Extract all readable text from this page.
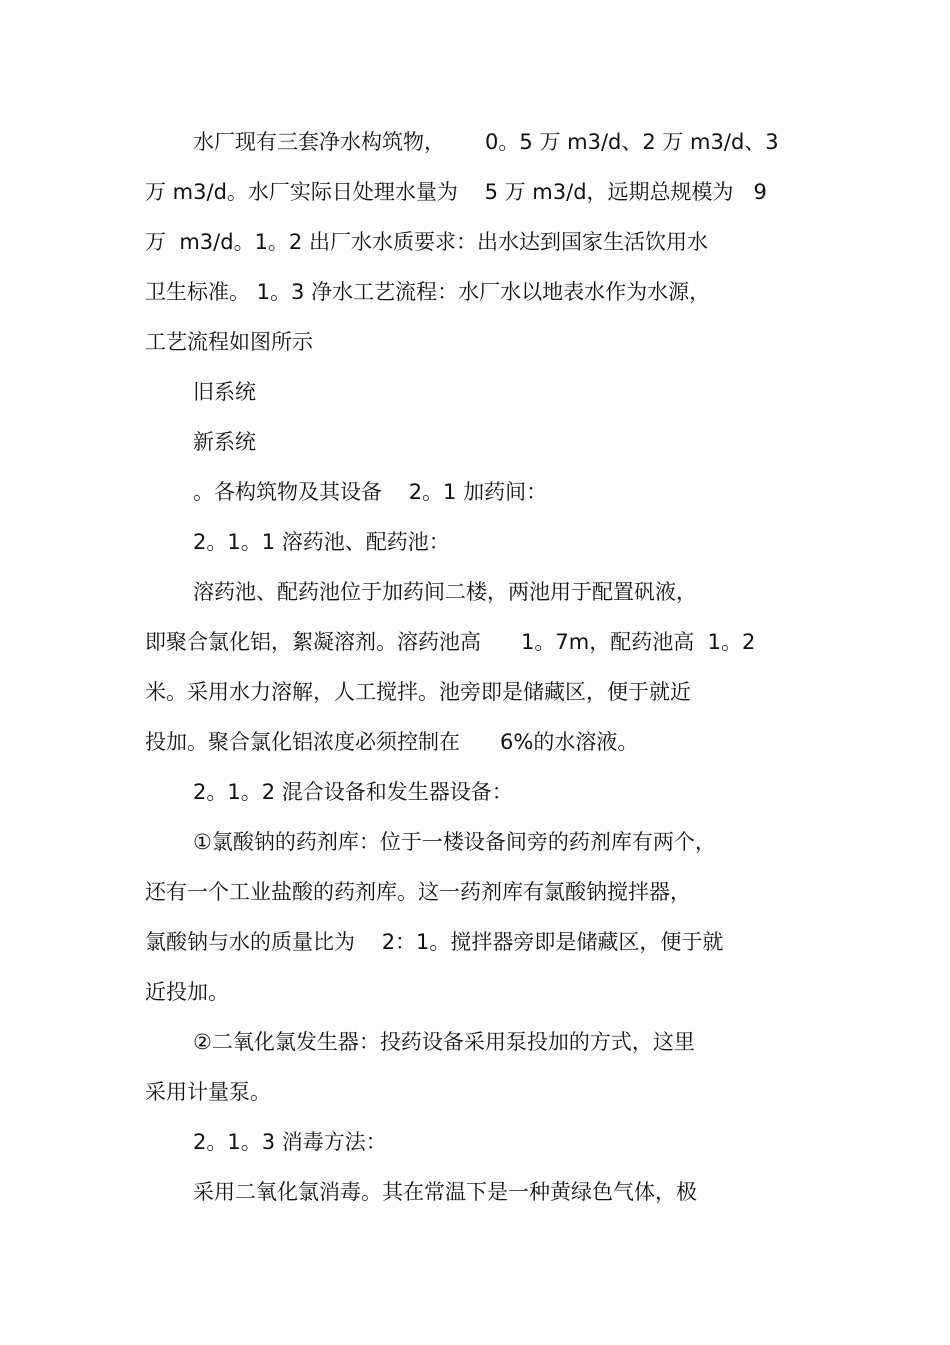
水厂现有三套净水构筑物，      0。5 万 m3/d、2 万 m3/d、3

万 m3/d。水厂实际日处理水量为    5 万 m3/d，远期总规模为   9

万  m3/d。1。2 出厂水水质要求：出水达到国家生活饮用水

卫生标准。 1。3 净水工艺流程：水厂水以地表水作为水源，

工艺流程如图所示

旧系统

新系统

。各构筑物及其设备    2。1 加药间：

2。1。1 溶药池、配药池：

溶药池、配药池位于加药间二楼，两池用于配置矾液，

即聚合氯化铝，絮凝溶剂。溶药池高      1。7m，配药池高  1。2

米。采用水力溶解，人工搅拌。池旁即是储藏区，便于就近

投加。聚合氯化铝浓度必须控制在      6%的水溶液。

2。1。2 混合设备和发生器设备：

①氯酸钠的药剂库：位于一楼设备间旁的药剂库有两个，

还有一个工业盐酸的药剂库。这一药剂库有氯酸钠搅拌器，

氯酸钠与水的质量比为    2：1。搅拌器旁即是储藏区，便于就

近投加。

②二氧化氯发生器：投药设备采用泵投加的方式，这里

采用计量泵。

2。1。3 消毒方法：

采用二氧化氯消毒。其在常温下是一种黄绿色气体，极
